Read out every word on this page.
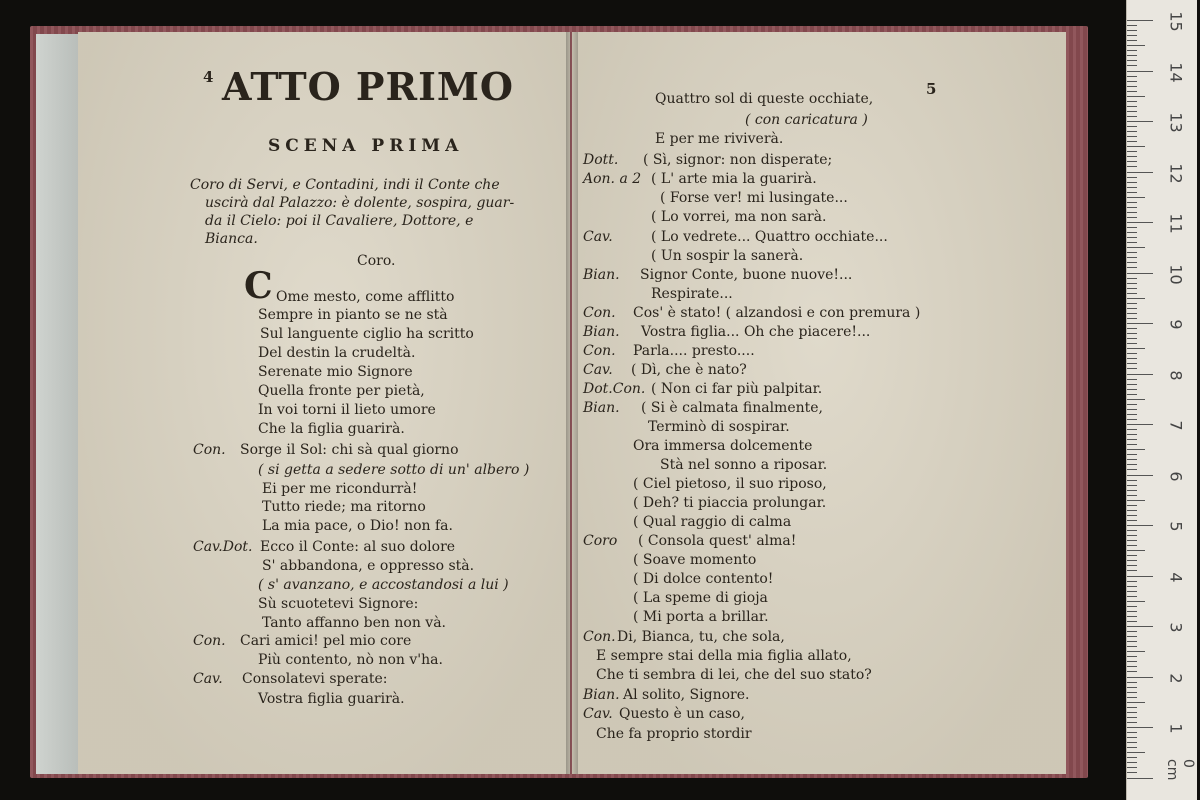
15
14
13
12
11
10
9
8
7
6
5
4
3
2
1
0 cm
4 ATTO PRIMO
SCENA PRIMA
Coro di Servi, e Contadini, indi il Conte che
uscirà dal Palazzo: è dolente, sospira, guar-
da il Cielo: poi il Cavaliere, Dottore, e
Bianca.
Coro.
C Ome mesto, come afflitto
Sempre in pianto se ne stà
Sul languente ciglio ha scritto
Del destin la crudeltà.
Serenate mio Signore
Quella fronte per pietà,
In voi torni il lieto umore
Che la figlia guarirà.
Con. Sorge il Sol: chi sà qual giorno
( si getta a sedere sotto di un' albero )
Ei per me ricondurrà!
Tutto riede; ma ritorno
La mia pace, o Dio! non fa.
Cav.Dot. Ecco il Conte: al suo dolore
S' abbandona, e oppresso stà.
( s' avanzano, e accostandosi a lui )
Sù scuotetevi Signore:
Tanto affanno ben non và.
Con. Cari amici! pel mio core
Più contento, nò non v'ha.
Cav. Consolatevi sperate:
Vostra figlia guarirà.
5
Quattro sol di queste occhiate,
( con caricatura )
E per me riviverà.
Dott. ( Sì, signor: non disperate;
Aon. a 2 ( L' arte mia la guarirà.
( Forse ver! mi lusingate...
( Lo vorrei, ma non sarà.
Cav.	( Lo vedrete... Quattro occhiate...
( Un sospir la sanerà.
Bian. Signor Conte, buone nuove!...
Respirate...
Con. Cos' è stato! ( alzandosi e con premura )
Bian. Vostra figlia... Oh che piacere!...
Con. Parla.... presto....
Cav. ( Dì, che è nato?
Dot.Con. ( Non ci far più palpitar.
Bian. ( Si è calmata finalmente,
Terminò di sospirar.
Ora immersa dolcemente
Stà nel sonno a riposar.
( Ciel pietoso, il suo riposo,
( Deh? ti piaccia prolungar.
( Qual raggio di calma
Coro ( Consola quest' alma!
( Soave momento
( Di dolce contento!
( La speme di gioja
( Mi porta a brillar.
Con. Di, Bianca, tu, che sola,
E sempre stai della mia figlia allato,
Che ti sembra di lei, che del suo stato?
Bian. Al solito, Signore.
Cav. Questo è un caso,
Che fa proprio stordir
